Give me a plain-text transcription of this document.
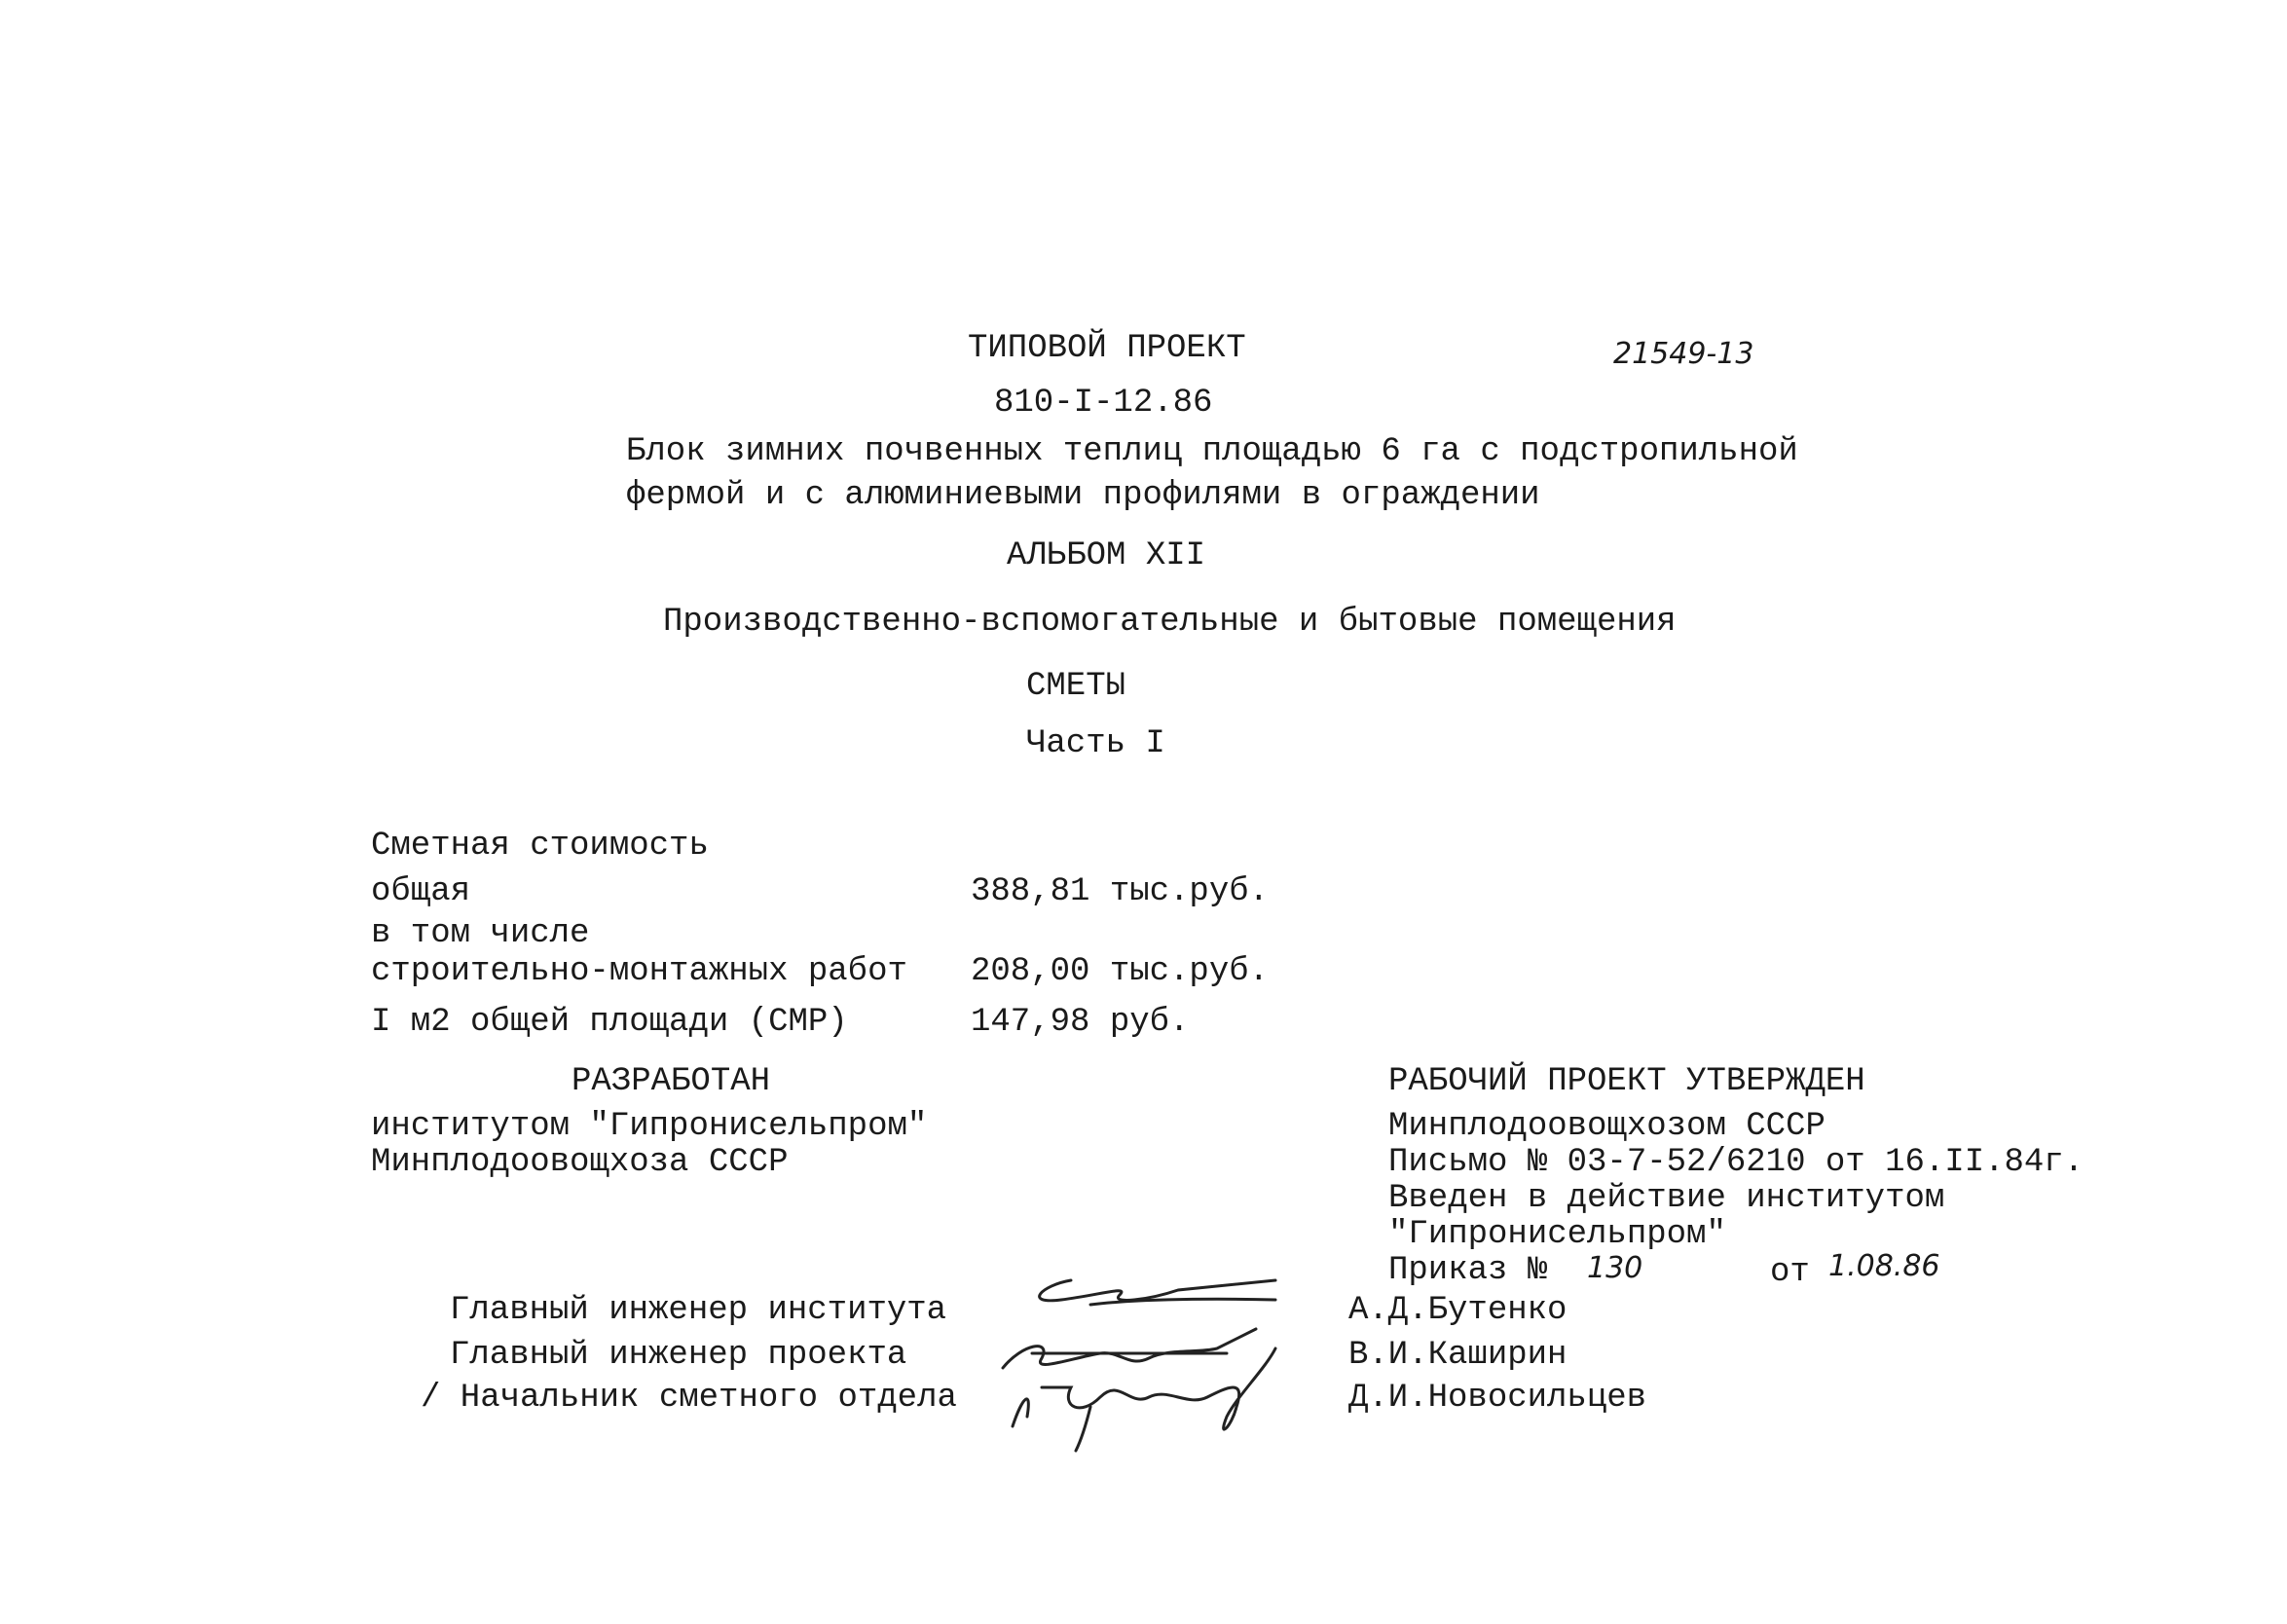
ТИПОВОЙ ПРОЕКТ	21549-13
810-I-12.86
Блок зимних почвенных теплиц площадью 6 га с подстропильной
фермой и с алюминиевыми профилями в ограждении
АЛЬБОМ XII
Производственно-вспомогательные и бытовые помещения
СМЕТЫ
Часть I
Сметная стоимость
общая	388,81 тыс.руб.
в том числе
строительно-монтажных работ 208,00 тыс.руб.
I м2 общей площади (СМР)	147,98 руб.
РАЗРАБОТАН
институтом "Гипронисельпром"
Минплодоовощхоза СССР
РАБОЧИЙ ПРОЕКТ УТВЕРЖДЕН
Минплодоовощхозом СССР
Письмо № 03-7-52/6210 от 16.II.84г.
Введен в действие институтом
"Гипронисельпром"
Приказ № 130	от 1.08.86
Главный инженер института	А.Д.Бутенко
Главный инженер проекта	В.И.Каширин
/ Начальник сметного отдела	Д.И.Новосильцев
